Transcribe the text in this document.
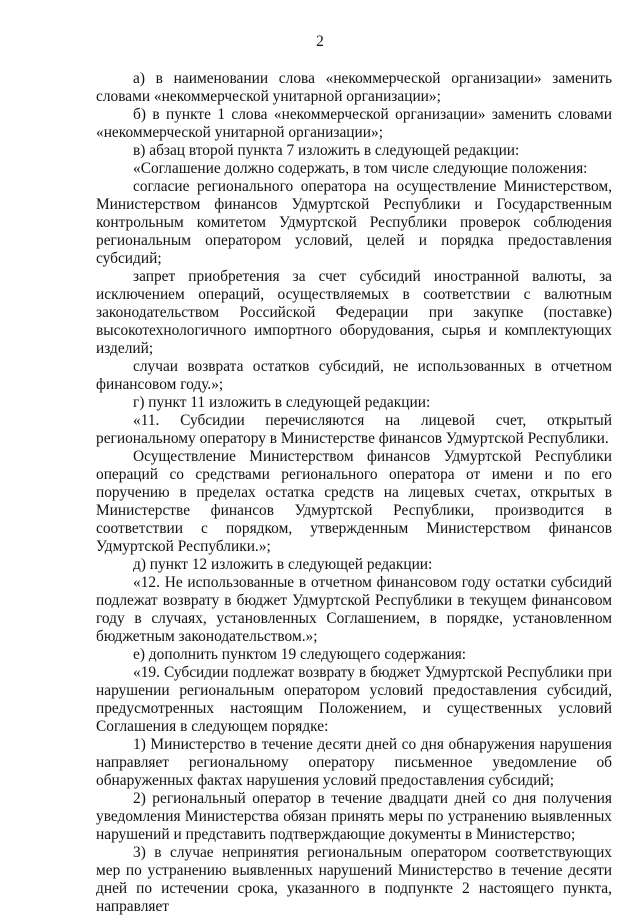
2

а) в наименовании слова «некоммерческой организации» заменить словами «некоммерческой унитарной организации»;

б) в пункте 1 слова «некоммерческой организации» заменить словами «некоммерческой унитарной организации»;

в) абзац второй пункта 7 изложить в следующей редакции:

«Соглашение должно содержать, в том числе следующие положения:

согласие регионального оператора на осуществление Министерством, Министерством финансов Удмуртской Республики и Государственным контрольным комитетом Удмуртской Республики проверок соблюдения региональным оператором условий, целей и порядка предоставления субсидий;

запрет приобретения за счет субсидий иностранной валюты, за исключением операций, осуществляемых в соответствии с валютным законодательством Российской Федерации при закупке (поставке) высокотехнологичного импортного оборудования, сырья и комплектующих изделий;

случаи возврата остатков субсидий, не использованных в отчетном финансовом году.»;

г) пункт 11 изложить в следующей редакции:

«11. Субсидии перечисляются на лицевой счет, открытый региональному оператору в Министерстве финансов Удмуртской Республики.

Осуществление Министерством финансов Удмуртской Республики операций со средствами регионального оператора от имени и по его поручению в пределах остатка средств на лицевых счетах, открытых в Министерстве финансов Удмуртской Республики, производится в соответствии с порядком, утвержденным Министерством финансов Удмуртской Республики.»;

д) пункт 12 изложить в следующей редакции:

«12. Не использованные в отчетном финансовом году остатки субсидий подлежат возврату в бюджет Удмуртской Республики в текущем финансовом году в случаях, установленных Соглашением, в порядке, установленном бюджетным законодательством.»;

е) дополнить пунктом 19 следующего содержания:

«19. Субсидии подлежат возврату в бюджет Удмуртской Республики при нарушении региональным оператором условий предоставления субсидий, предусмотренных настоящим Положением, и существенных условий Соглашения в следующем порядке:

1) Министерство в течение десяти дней со дня обнаружения нарушения направляет региональному оператору письменное уведомление об обнаруженных фактах нарушения условий предоставления субсидий;

2) региональный оператор в течение двадцати дней со дня получения уведомления Министерства обязан принять меры по устранению выявленных нарушений и представить подтверждающие документы в Министерство;

3) в случае непринятия региональным оператором соответствующих мер по устранению выявленных нарушений Министерство в течение десяти дней по истечении срока, указанного в подпункте 2 настоящего пункта, направляет
